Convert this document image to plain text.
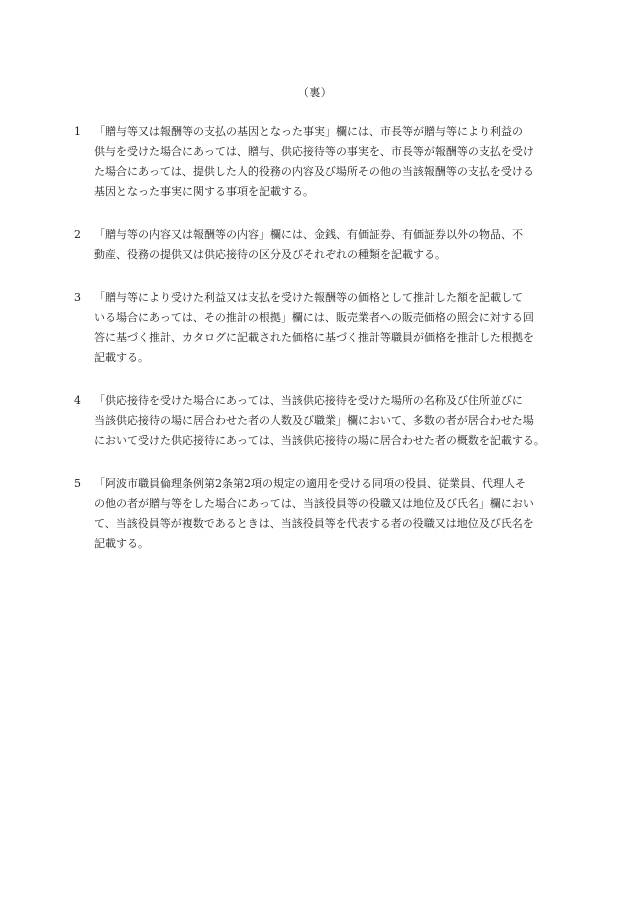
（裏）
1	「贈与等又は報酬等の支払の基因となった事実」欄には、市長等が贈与等により利益の
供与を受けた場合にあっては、贈与、供応接待等の事実を、市長等が報酬等の支払を受け
た場合にあっては、提供した人的役務の内容及び場所その他の当該報酬等の支払を受ける
基因となった事実に関する事項を記載する。
2	「贈与等の内容又は報酬等の内容」欄には、金銭、有価証券、有価証券以外の物品、不
動産、役務の提供又は供応接待の区分及びそれぞれの種類を記載する。
3	「贈与等により受けた利益又は支払を受けた報酬等の価格として推計した額を記載して
いる場合にあっては、その推計の根拠」欄には、販売業者への販売価格の照会に対する回
答に基づく推計、カタログに記載された価格に基づく推計等職員が価格を推計した根拠を
記載する。
4	「供応接待を受けた場合にあっては、当該供応接待を受けた場所の名称及び住所並びに
当該供応接待の場に居合わせた者の人数及び職業」欄において、多数の者が居合わせた場
において受けた供応接待にあっては、当該供応接待の場に居合わせた者の概数を記載する。
5	「阿波市職員倫理条例第2条第2項の規定の適用を受ける同項の役員、従業員、代理人そ
の他の者が贈与等をした場合にあっては、当該役員等の役職又は地位及び氏名」欄におい
て、当該役員等が複数であるときは、当該役員等を代表する者の役職又は地位及び氏名を
記載する。
